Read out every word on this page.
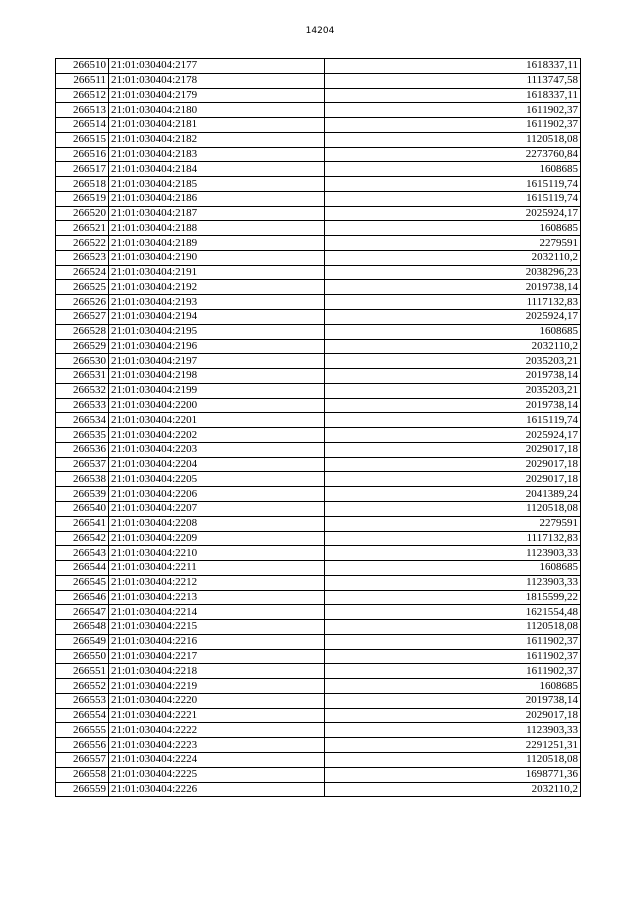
14204
266510	21:01:030404:2177	1618337,11
266511	21:01:030404:2178	1113747,58
266512	21:01:030404:2179	1618337,11
266513	21:01:030404:2180	1611902,37
266514	21:01:030404:2181	1611902,37
266515	21:01:030404:2182	1120518,08
266516	21:01:030404:2183	2273760,84
266517	21:01:030404:2184	1608685
266518	21:01:030404:2185	1615119,74
266519	21:01:030404:2186	1615119,74
266520	21:01:030404:2187	2025924,17
266521	21:01:030404:2188	1608685
266522	21:01:030404:2189	2279591
266523	21:01:030404:2190	2032110,2
266524	21:01:030404:2191	2038296,23
266525	21:01:030404:2192	2019738,14
266526	21:01:030404:2193	1117132,83
266527	21:01:030404:2194	2025924,17
266528	21:01:030404:2195	1608685
266529	21:01:030404:2196	2032110,2
266530	21:01:030404:2197	2035203,21
266531	21:01:030404:2198	2019738,14
266532	21:01:030404:2199	2035203,21
266533	21:01:030404:2200	2019738,14
266534	21:01:030404:2201	1615119,74
266535	21:01:030404:2202	2025924,17
266536	21:01:030404:2203	2029017,18
266537	21:01:030404:2204	2029017,18
266538	21:01:030404:2205	2029017,18
266539	21:01:030404:2206	2041389,24
266540	21:01:030404:2207	1120518,08
266541	21:01:030404:2208	2279591
266542	21:01:030404:2209	1117132,83
266543	21:01:030404:2210	1123903,33
266544	21:01:030404:2211	1608685
266545	21:01:030404:2212	1123903,33
266546	21:01:030404:2213	1815599,22
266547	21:01:030404:2214	1621554,48
266548	21:01:030404:2215	1120518,08
266549	21:01:030404:2216	1611902,37
266550	21:01:030404:2217	1611902,37
266551	21:01:030404:2218	1611902,37
266552	21:01:030404:2219	1608685
266553	21:01:030404:2220	2019738,14
266554	21:01:030404:2221	2029017,18
266555	21:01:030404:2222	1123903,33
266556	21:01:030404:2223	2291251,31
266557	21:01:030404:2224	1120518,08
266558	21:01:030404:2225	1698771,36
266559	21:01:030404:2226	2032110,2
